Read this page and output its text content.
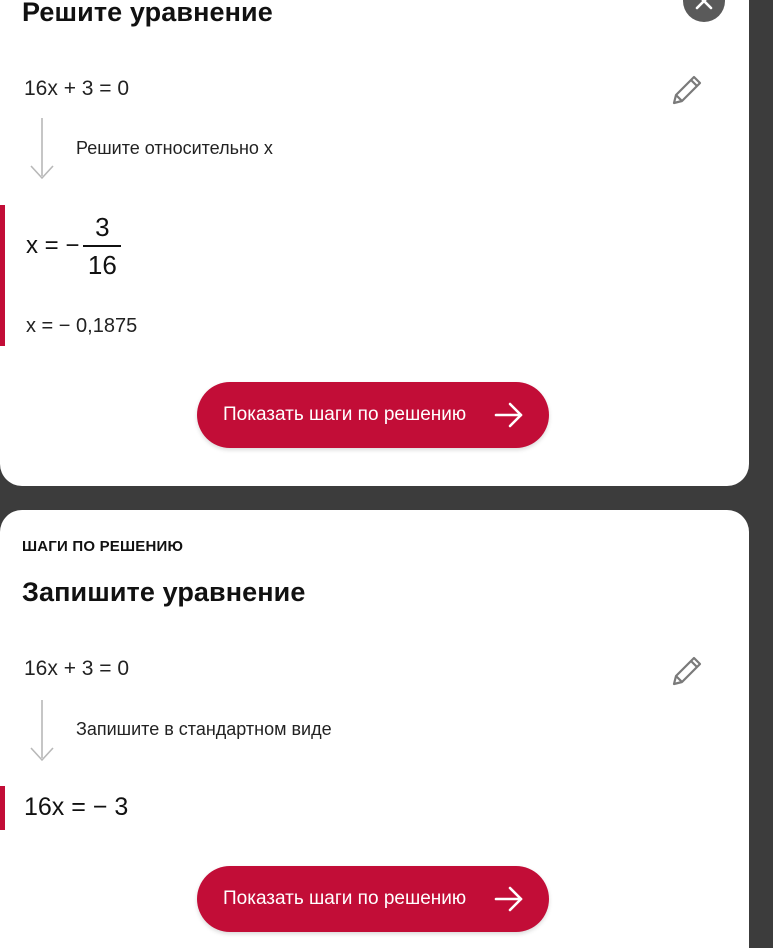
Решите уравнение
16x + 3 = 0
Решите относительно x
x = − $\frac{3}{16}$
x = − 0,1875
Показать шаги по решению
ШАГИ ПО РЕШЕНИЮ
Запишите уравнение
16x + 3 = 0
Запишите в стандартном виде
16x = − 3
Показать шаги по решению
